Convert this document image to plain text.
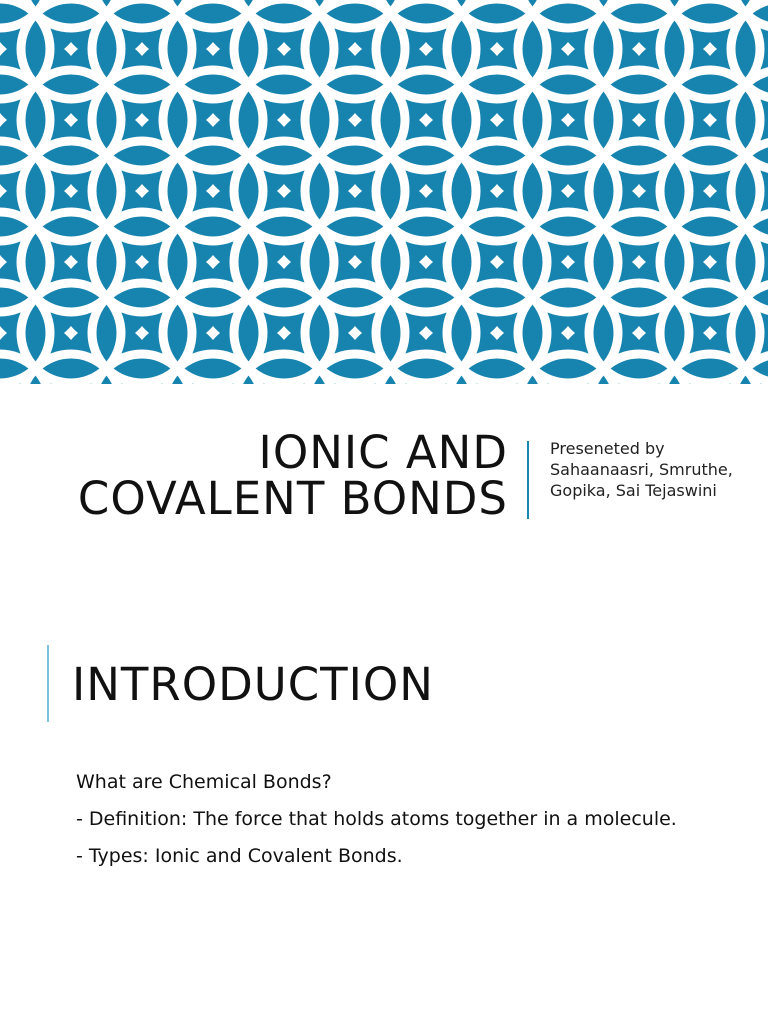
IONIC AND
COVALENT BONDS
Preseneted by Sahaanaasri, Smruthe, Gopika, Sai Tejaswini
INTRODUCTION

What are Chemical Bonds?

- Definition: The force that holds atoms together in a molecule.

- Types: Ionic and Covalent Bonds.
